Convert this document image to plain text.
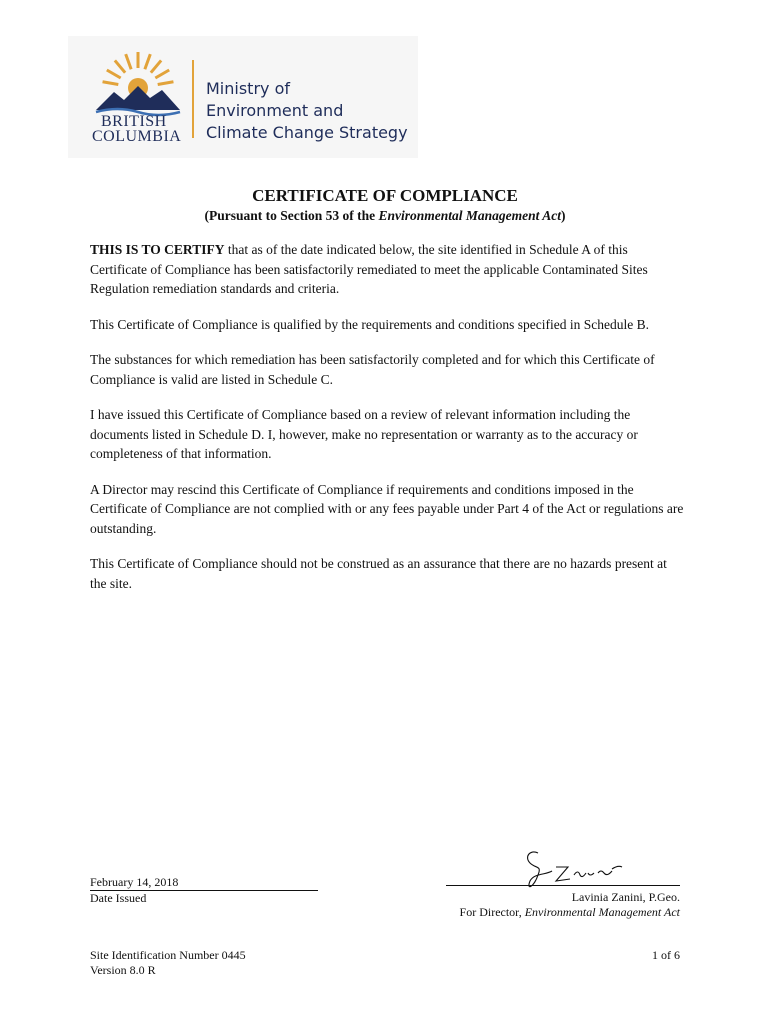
BRITISH
COLUMBIA
Ministry of
Environment and
Climate Change Strategy
CERTIFICATE OF COMPLIANCE
(Pursuant to Section 53 of the Environmental Management Act)

THIS IS TO CERTIFY that as of the date indicated below, the site identified in Schedule A of this Certificate of Compliance has been satisfactorily remediated to meet the applicable Contaminated Sites Regulation remediation standards and criteria.

This Certificate of Compliance is qualified by the requirements and conditions specified in Schedule B.

The substances for which remediation has been satisfactorily completed and for which this Certificate of Compliance is valid are listed in Schedule C.

I have issued this Certificate of Compliance based on a review of relevant information including the documents listed in Schedule D. I, however, make no representation or warranty as to the accuracy or completeness of that information.

A Director may rescind this Certificate of Compliance if requirements and conditions imposed in the Certificate of Compliance are not complied with or any fees payable under Part 4 of the Act or regulations are outstanding.

This Certificate of Compliance should not be construed as an assurance that there are no hazards present at the site.

February 14, 2018
Date Issued	Lavinia Zanini, P.Geo.
For Director, Environmental Management Act
Site Identification Number 0445
Version 8.0 R
1 of 6
